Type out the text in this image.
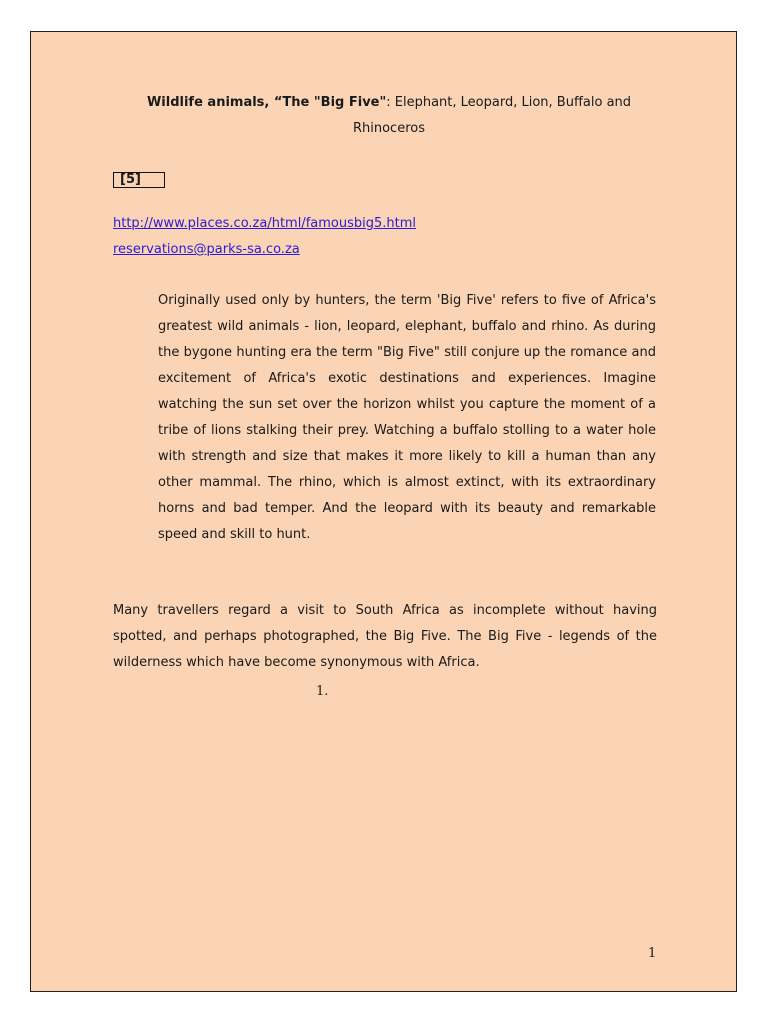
Wildlife animals, “The "Big Five": Elephant, Leopard, Lion, Buffalo and Rhinoceros
[5]
http://www.places.co.za/html/famousbig5.html
reservations@parks-sa.co.za
Originally used only by hunters, the term 'Big Five' refers to five of Africa's greatest wild animals - lion, leopard, elephant, buffalo and rhino. As during the bygone hunting era the term "Big Five" still conjure up the romance and excitement of Africa's exotic destinations and experiences. Imagine watching the sun set over the horizon whilst you capture the moment of a tribe of lions stalking their prey. Watching a buffalo stolling to a water hole with strength and size that makes it more likely to kill a human than any other mammal. The rhino, which is almost extinct, with its extraordinary horns and bad temper. And the leopard with its beauty and remarkable speed and skill to hunt.
Many travellers regard a visit to South Africa as incomplete without having spotted, and perhaps photographed, the Big Five. The Big Five - legends of the wilderness which have become synonymous with Africa.
1.
1
